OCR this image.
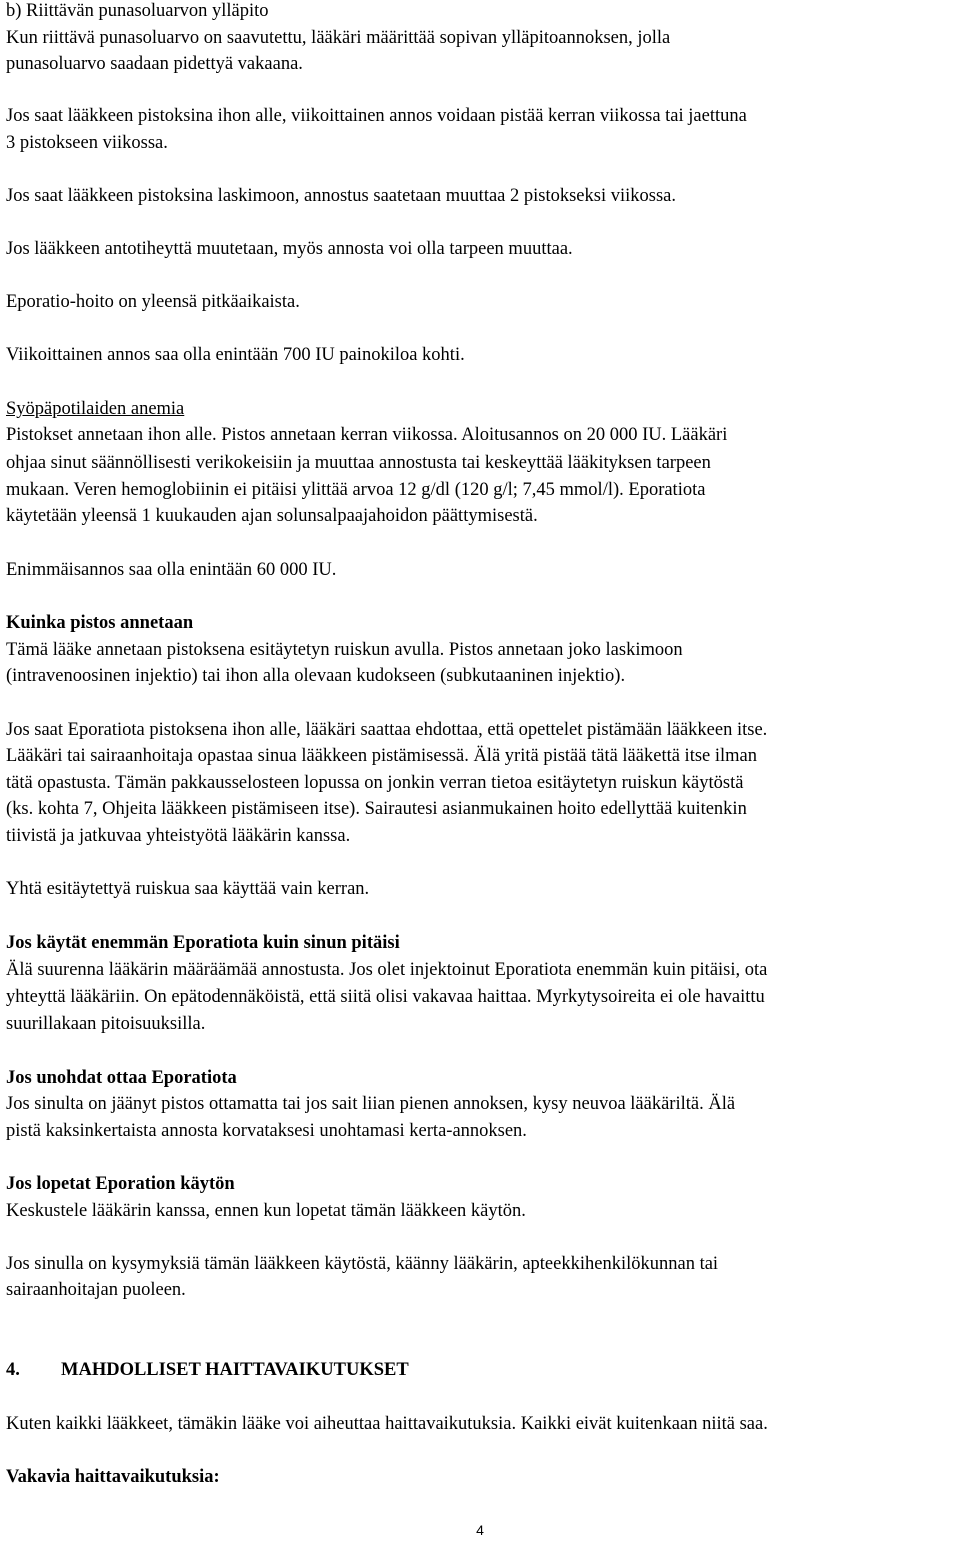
b) Riittävän punasoluarvon ylläpito
Kun riittävä punasoluarvo on saavutettu, lääkäri määrittää sopivan ylläpitoannoksen, jolla
punasoluarvo saadaan pidettyä vakaana.
Jos saat lääkkeen pistoksina ihon alle, viikoittainen annos voidaan pistää kerran viikossa tai jaettuna
3 pistokseen viikossa.
Jos saat lääkkeen pistoksina laskimoon, annostus saatetaan muuttaa 2 pistokseksi viikossa.
Jos lääkkeen antotiheyttä muutetaan, myös annosta voi olla tarpeen muuttaa.
Eporatio-hoito on yleensä pitkäaikaista.
Viikoittainen annos saa olla enintään 700 IU painokiloa kohti.
Syöpäpotilaiden anemia
Pistokset annetaan ihon alle. Pistos annetaan kerran viikossa. Aloitusannos on 20 000 IU. Lääkäri
ohjaa sinut säännöllisesti verikokeisiin ja muuttaa annostusta tai keskeyttää lääkityksen tarpeen
mukaan. Veren hemoglobiinin ei pitäisi ylittää arvoa 12 g/dl (120 g/l; 7,45 mmol/l). Eporatiota
käytetään yleensä 1 kuukauden ajan solunsalpaajahoidon päättymisestä.
Enimmäisannos saa olla enintään 60 000 IU.
Kuinka pistos annetaan
Tämä lääke annetaan pistoksena esitäytetyn ruiskun avulla. Pistos annetaan joko laskimoon
(intravenoosinen injektio) tai ihon alla olevaan kudokseen (subkutaaninen injektio).
Jos saat Eporatiota pistoksena ihon alle, lääkäri saattaa ehdottaa, että opettelet pistämään lääkkeen itse.
Lääkäri tai sairaanhoitaja opastaa sinua lääkkeen pistämisessä. Älä yritä pistää tätä lääkettä itse ilman
tätä opastusta. Tämän pakkausselosteen lopussa on jonkin verran tietoa esitäytetyn ruiskun käytöstä
(ks. kohta 7, Ohjeita lääkkeen pistämiseen itse). Sairautesi asianmukainen hoito edellyttää kuitenkin
tiivistä ja jatkuvaa yhteistyötä lääkärin kanssa.
Yhtä esitäytettyä ruiskua saa käyttää vain kerran.
Jos käytät enemmän Eporatiota kuin sinun pitäisi
Älä suurenna lääkärin määräämää annostusta. Jos olet injektoinut Eporatiota enemmän kuin pitäisi, ota
yhteyttä lääkäriin. On epätodennäköistä, että siitä olisi vakavaa haittaa. Myrkytysoireita ei ole havaittu
suurillakaan pitoisuuksilla.
Jos unohdat ottaa Eporatiota
Jos sinulta on jäänyt pistos ottamatta tai jos sait liian pienen annoksen, kysy neuvoa lääkäriltä. Älä
pistä kaksinkertaista annosta korvataksesi unohtamasi kerta-annoksen.
Jos lopetat Eporation käytön
Keskustele lääkärin kanssa, ennen kun lopetat tämän lääkkeen käytön.
Jos sinulla on kysymyksiä tämän lääkkeen käytöstä, käänny lääkärin, apteekkihenkilökunnan tai
sairaanhoitajan puoleen.
4. MAHDOLLISET HAITTAVAIKUTUKSET
Kuten kaikki lääkkeet, tämäkin lääke voi aiheuttaa haittavaikutuksia. Kaikki eivät kuitenkaan niitä saa.
Vakavia haittavaikutuksia:
4
